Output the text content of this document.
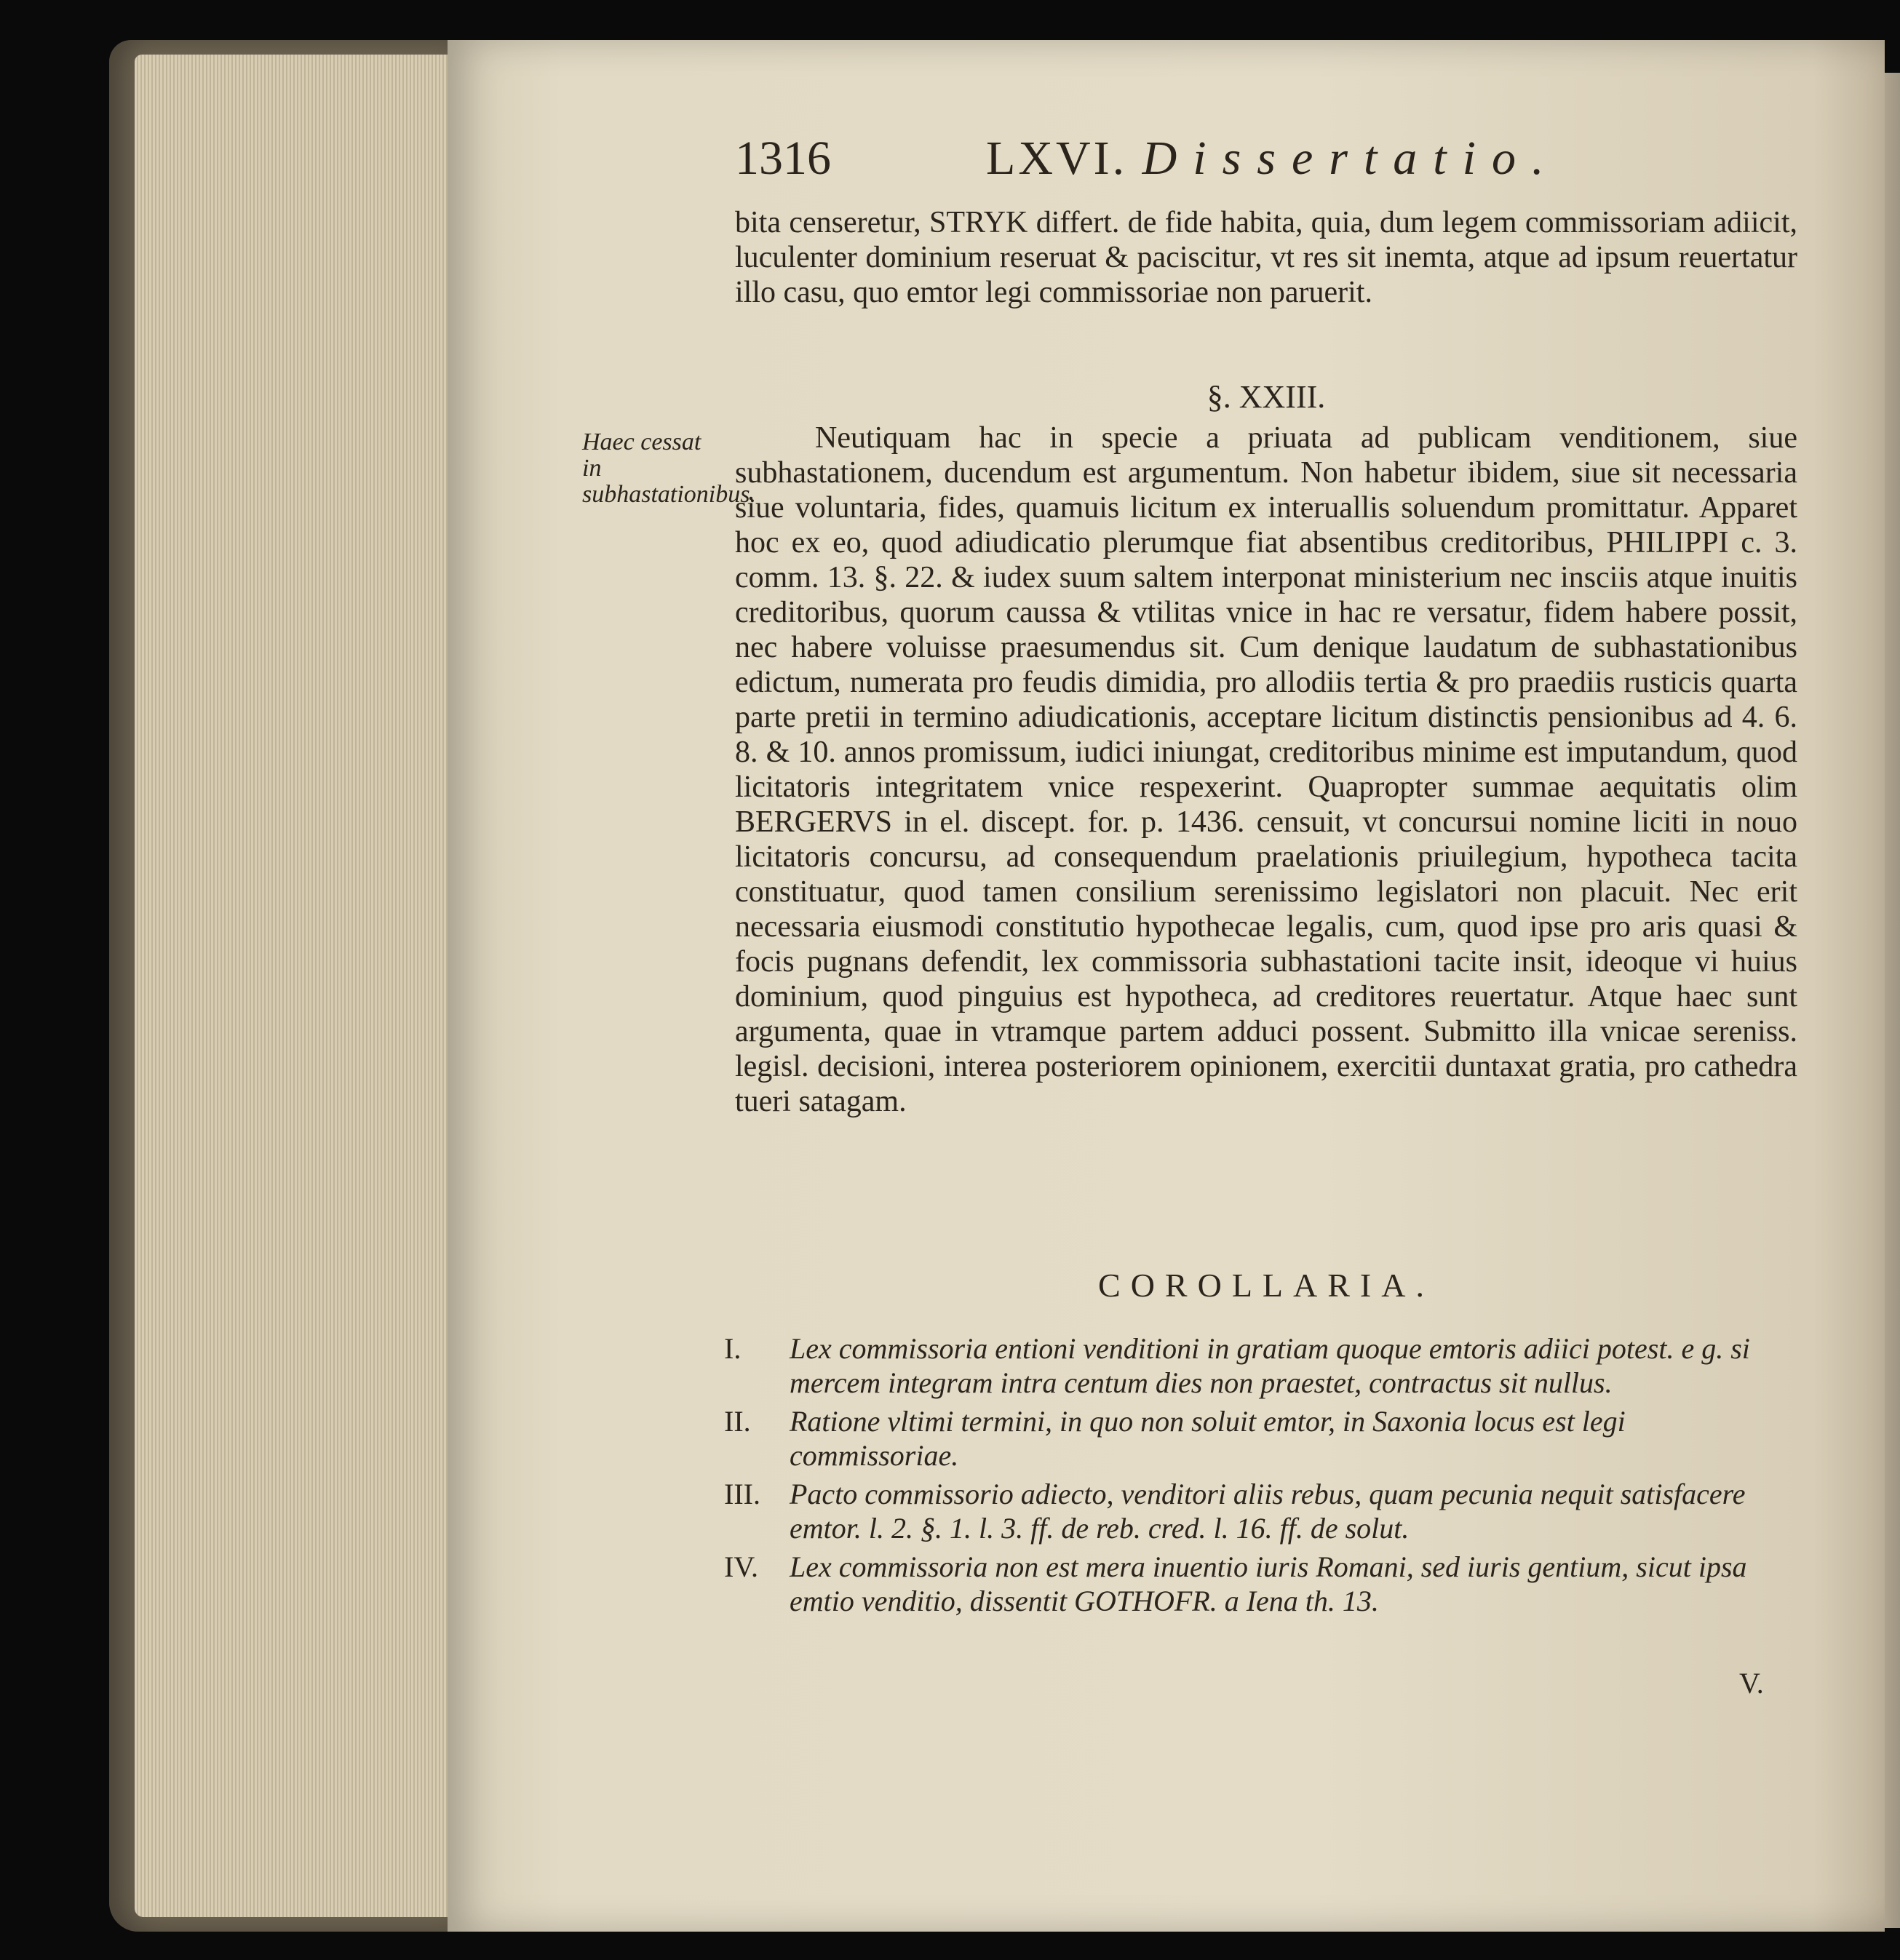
1316	LXVI. Dissertatio.

bita censeretur, STRYK differt. de fide habita, quia, dum legem commissoriam adiicit, luculenter dominium reseruat & paciscitur, vt res sit inemta, atque ad ipsum reuertatur illo casu, quo emtor legi commissoriae non paruerit.

§. XXIII.
Haec cessat in subhastationibus.

Neutiquam hac in specie a priuata ad publicam venditionem, siue subhastationem, ducendum est argumentum. Non habetur ibidem, siue sit necessaria siue voluntaria, fides, quamuis licitum ex interuallis soluendum promittatur. Apparet hoc ex eo, quod adiudicatio plerumque fiat absentibus creditoribus, PHILIPPI c. 3. comm. 13. §. 22. & iudex suum saltem interponat ministerium nec insciis atque inuitis creditoribus, quorum caussa & vtilitas vnice in hac re versatur, fidem habere possit, nec habere voluisse praesumendus sit. Cum denique laudatum de subhastationibus edictum, numerata pro feudis dimidia, pro allodiis tertia & pro praediis rusticis quarta parte pretii in termino adiudicationis, acceptare licitum distinctis pensionibus ad 4. 6. 8. & 10. annos promissum, iudici iniungat, creditoribus minime est imputandum, quod licitatoris integritatem vnice respexerint. Quapropter summae aequitatis olim BERGERVS in el. discept. for. p. 1436. censuit, vt concursui nomine liciti in nouo licitatoris concursu, ad consequendum praelationis priuilegium, hypotheca tacita constituatur, quod tamen consilium serenissimo legislatori non placuit. Nec erit necessaria eiusmodi constitutio hypothecae legalis, cum, quod ipse pro aris quasi & focis pugnans defendit, lex commissoria subhastationi tacite insit, ideoque vi huius dominium, quod pinguius est hypotheca, ad creditores reuertatur. Atque haec sunt argumenta, quae in vtramque partem adduci possent. Submitto illa vnicae sereniss. legisl. decisioni, interea posteriorem opinionem, exercitii duntaxat gratia, pro cathedra tueri satagam.

COROLLARIA.
I. Lex commissoria entioni venditioni in gratiam quoque emtoris adiici potest. e g. si mercem integram intra centum dies non praestet, contractus sit nullus.
II. Ratione vltimi termini, in quo non soluit emtor, in Saxonia locus est legi commissoriae.
III. Pacto commissorio adiecto, venditori aliis rebus, quam pecunia nequit satisfacere emtor. l. 2. §. 1. l. 3. ff. de reb. cred. l. 16. ff. de solut.
IV. Lex commissoria non est mera inuentio iuris Romani, sed iuris gentium, sicut ipsa emtio venditio, dissentit GOTHOFR. a Iena th. 13.
V.
